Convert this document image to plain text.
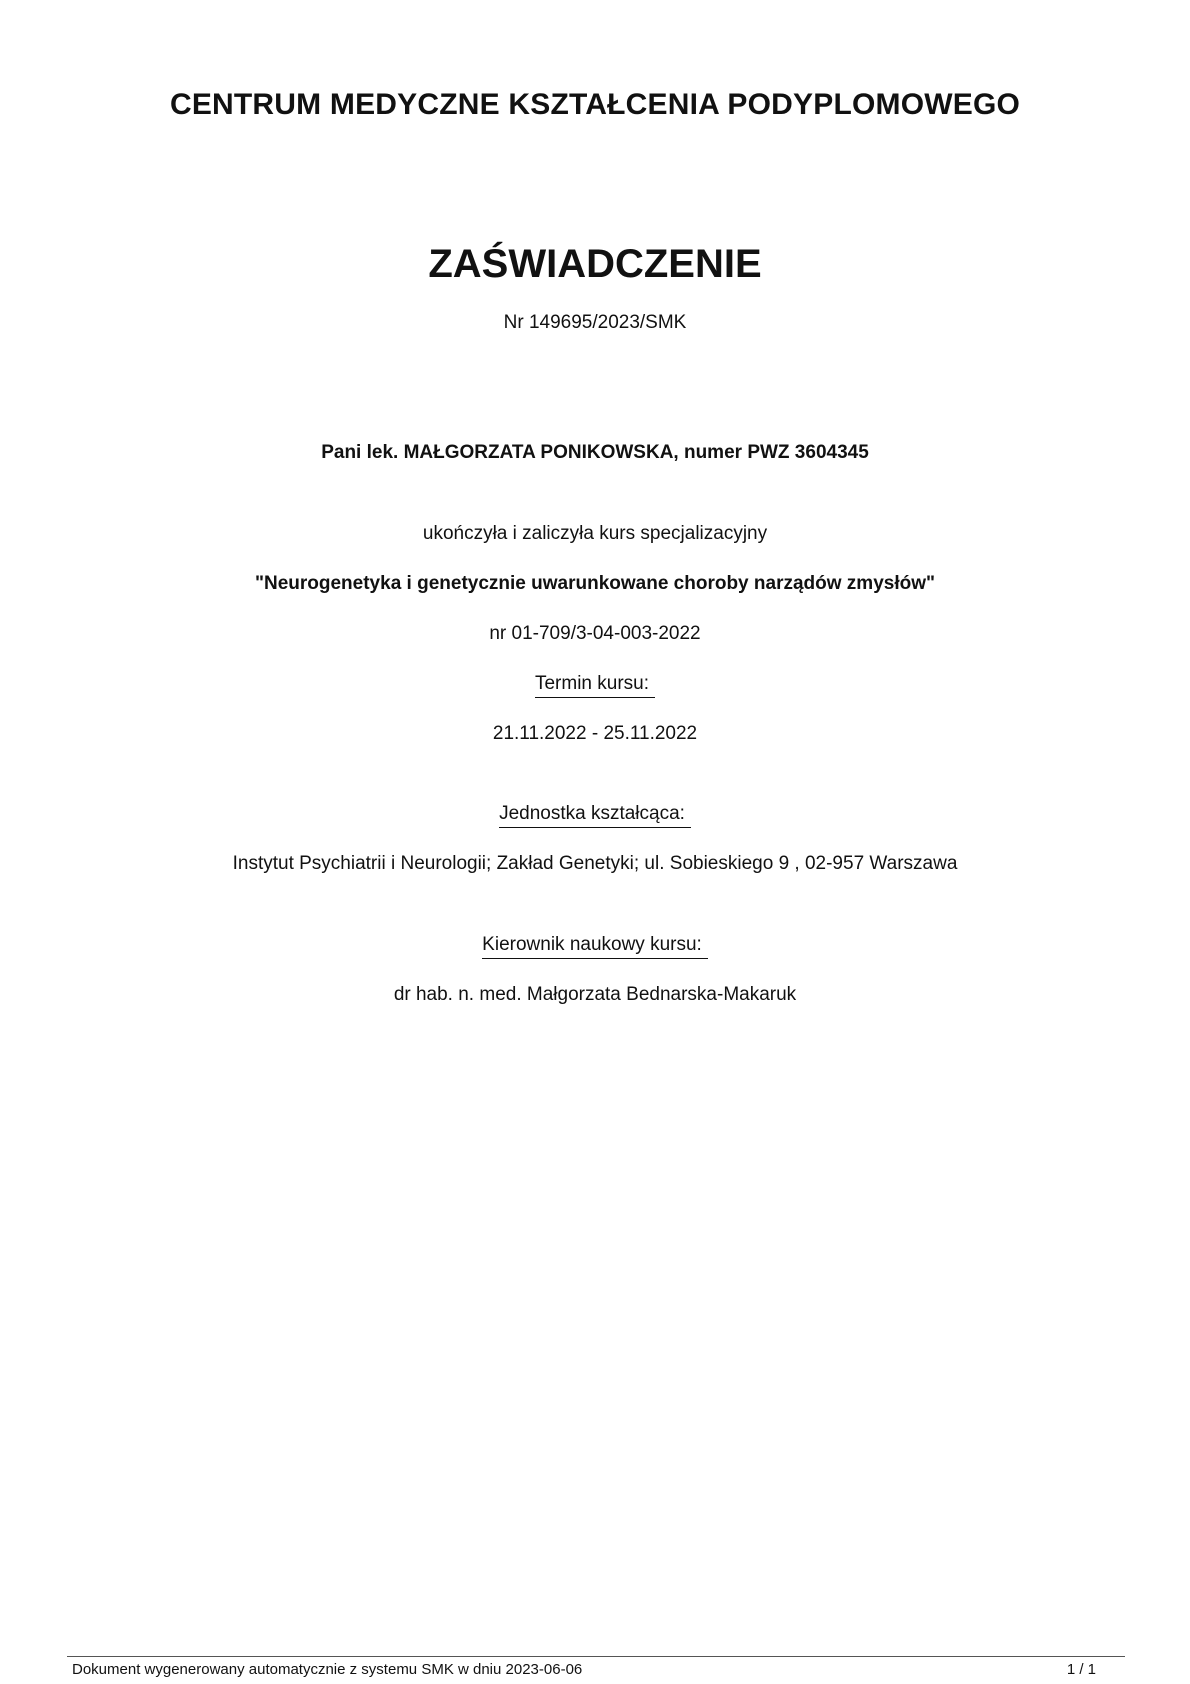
CENTRUM MEDYCZNE KSZTAŁCENIA PODYPLOMOWEGO
ZAŚWIADCZENIE
Nr 149695/2023/SMK
Pani lek. MAŁGORZATA PONIKOWSKA, numer PWZ 3604345
ukończyła i zaliczyła kurs specjalizacyjny
"Neurogenetyka i genetycznie uwarunkowane choroby narządów zmysłów"
nr 01-709/3-04-003-2022
Termin kursu:
21.11.2022 - 25.11.2022
Jednostka kształcąca:
Instytut Psychiatrii i Neurologii; Zakład Genetyki; ul. Sobieskiego 9 , 02-957 Warszawa
Kierownik naukowy kursu:
dr hab. n. med. Małgorzata Bednarska-Makaruk
Dokument wygenerowany automatycznie z systemu SMK w dniu 2023-06-06	1 / 1
